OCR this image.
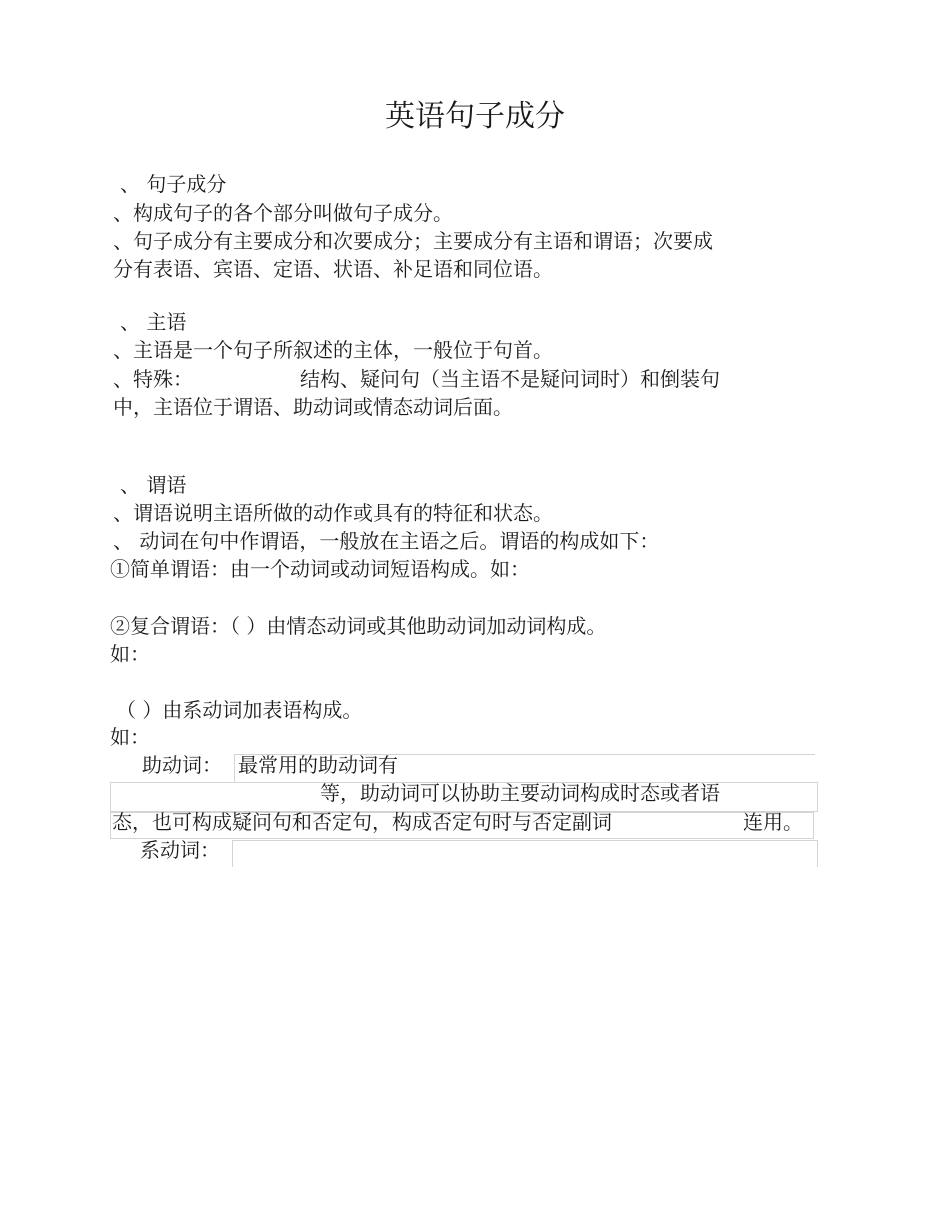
英语句子成分
、 句子成分
、构成句子的各个部分叫做句子成分。
、句子成分有主要成分和次要成分；主要成分有主语和谓语；次要成
分有表语、宾语、定语、状语、补足语和同位语。
、 主语
、主语是一个句子所叙述的主体，一般位于句首。
、特殊：	结构、疑问句（当主语不是疑问词时）和倒装句
中，主语位于谓语、助动词或情态动词后面。
、 谓语
、谓语说明主语所做的动作或具有的特征和状态。
、 动词在句中作谓语，一般放在主语之后。谓语的构成如下：
①简单谓语：由一个动词或动词短语构成。如：
②复合谓语：（ ）由情态动词或其他助动词加动词构成。
如：
（ ）由系动词加表语构成。
如：
助动词： 最常用的助动词有
等，助动词可以协助主要动词构成时态或者语
态，也可构成疑问句和否定句，构成否定句时与否定副词	连用。
系动词：
